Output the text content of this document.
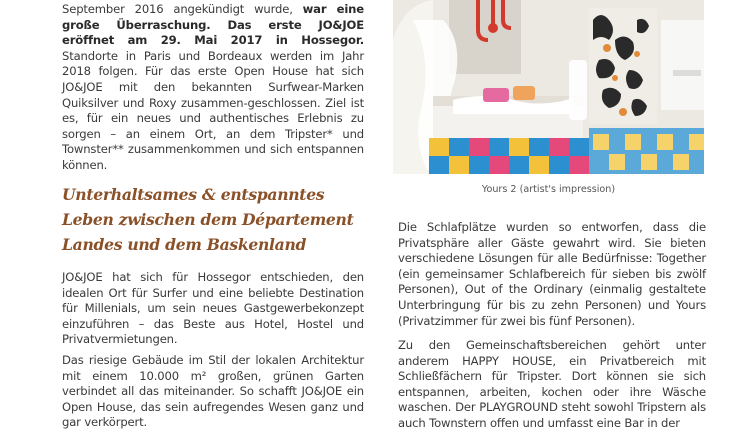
September 2016 angekündigt wurde, war eine große Überraschung. Das erste JO&JOE eröffnet am 29. Mai 2017 in Hossegor. Standorte in Paris und Bordeaux werden im Jahr 2018 folgen. Für das erste Open House hat sich JO&JOE mit den bekannten Surfwear-Marken Quiksilver und Roxy zusammen-geschlossen. Ziel ist es, für ein neues und authentisches Erlebnis zu sorgen – an einem Ort, an dem Tripster* und Townster** zusammenkommen und sich entspannen können.

Unterhaltsames & entspanntes Leben zwischen dem Département Landes und dem Baskenland

JO&JOE hat sich für Hossegor entschieden, den idealen Ort für Surfer und eine beliebte Destination für Millenials, um sein neues Gastgewerbekonzept einzuführen – das Beste aus Hotel, Hostel und Privatvermietungen.

Das riesige Gebäude im Stil der lokalen Architektur mit einem 10.000 m² großen, grünen Garten verbindet all das miteinander. So schafft JO&JOE ein Open House, das sein aufregendes Wesen ganz und gar verkörpert.

Yours 2 (artist's impression)

Die Schlafplätze wurden so entworfen, dass die Privatsphäre aller Gäste gewahrt wird. Sie bieten verschiedene Lösungen für alle Bedürfnisse: Together (ein gemeinsamer Schlafbereich für sieben bis zwölf Personen), Out of the Ordinary (einmalig gestaltete Unterbringung für bis zu zehn Personen) und Yours (Privatzimmer für zwei bis fünf Personen).

Zu den Gemeinschaftsbereichen gehört unter anderem HAPPY HOUSE, ein Privatbereich mit Schließfächern für Tripster. Dort können sie sich entspannen, arbeiten, kochen oder ihre Wäsche waschen. Der PLAYGROUND steht sowohl Tripstern als auch Townstern offen und umfasst eine Bar in der
